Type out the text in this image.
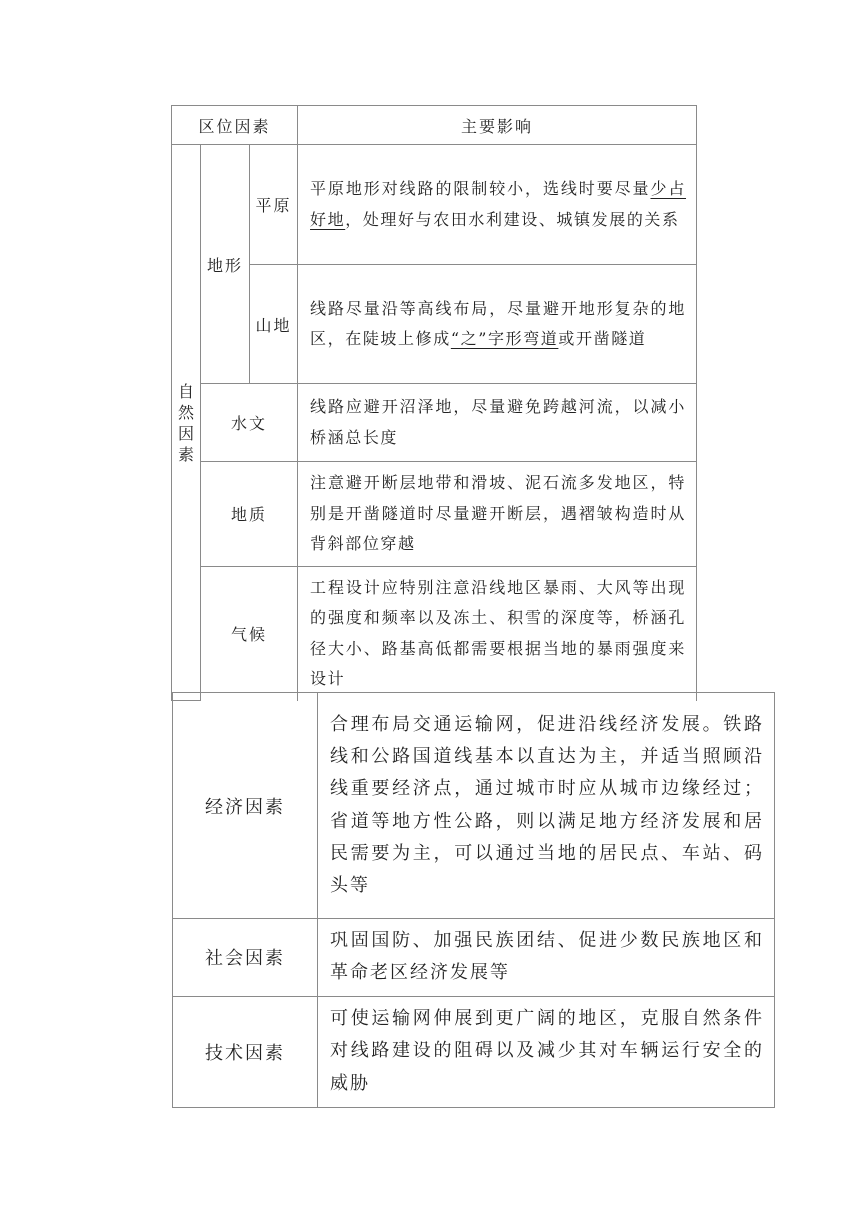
区位因素			主要影响

自
然
因
素	地形	平原	平原地形对线路的限制较小，选线时要尽量少占好地，处理好与农田水利建设、城镇发展的关系
		山地	线路尽量沿等高线布局，尽量避开地形复杂的地区，在陡坡上修成“之”字形弯道或开凿隧道
	水文		线路应避开沼泽地，尽量避免跨越河流，以减小桥涵总长度
	地质		注意避开断层地带和滑坡、泥石流多发地区，特别是开凿隧道时尽量避开断层，遇褶皱构造时从背斜部位穿越
	气候		工程设计应特别注意沿线地区暴雨、大风等出现的强度和频率以及冻土、积雪的深度等，桥涵孔径大小、路基高低都需要根据当地的暴雨强度来设计
经济因素	合理布局交通运输网，促进沿线经济发展。铁路线和公路国道线基本以直达为主，并适当照顾沿线重要经济点，通过城市时应从城市边缘经过；省道等地方性公路，则以满足地方经济发展和居民需要为主，可以通过当地的居民点、车站、码头等
社会因素	巩固国防、加强民族团结、促进少数民族地区和革命老区经济发展等
技术因素	可使运输网伸展到更广阔的地区，克服自然条件对线路建设的阻碍以及减少其对车辆运行安全的威胁
